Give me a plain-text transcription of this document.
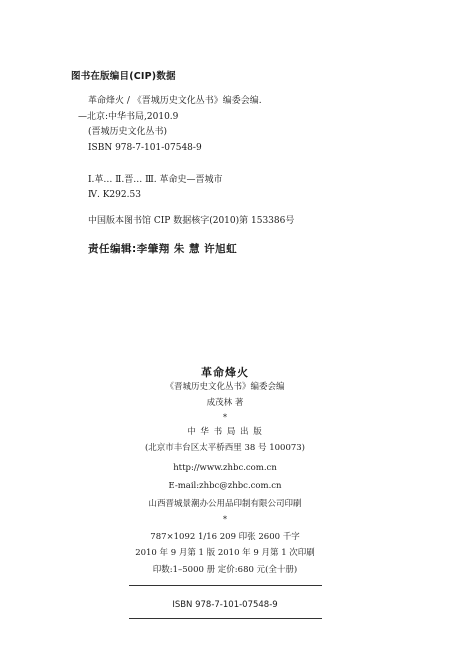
图书在版编目(CIP)数据
革命烽火 / 《晋城历史文化丛书》编委会编.
—北京:中华书局,2010.9
(晋城历史文化丛书)
ISBN 978-7-101-07548-9
Ⅰ.革… Ⅱ.晋… Ⅲ. 革命史—晋城市
Ⅳ. K292.53
中国版本图书馆 CIP 数据核字(2010)第 153386号
责任编辑:李肇翔 朱 慧 许旭虹
革命烽火
《晋城历史文化丛书》编委会编
成茂林 著
*
中 华 书 局 出 版
(北京市丰台区太平桥西里 38 号 100073)
http://www.zhbc.com.cn
E-mail:zhbc@zhbc.com.cn
山西晋城景潮办公用品印制有限公司印刷
*
787×1092 1/16 209 印张 2600 千字
2010 年 9 月第 1 版 2010 年 9 月第 1 次印刷
印数:1–5000 册 定价:680 元(全十册)
ISBN 978-7-101-07548-9
